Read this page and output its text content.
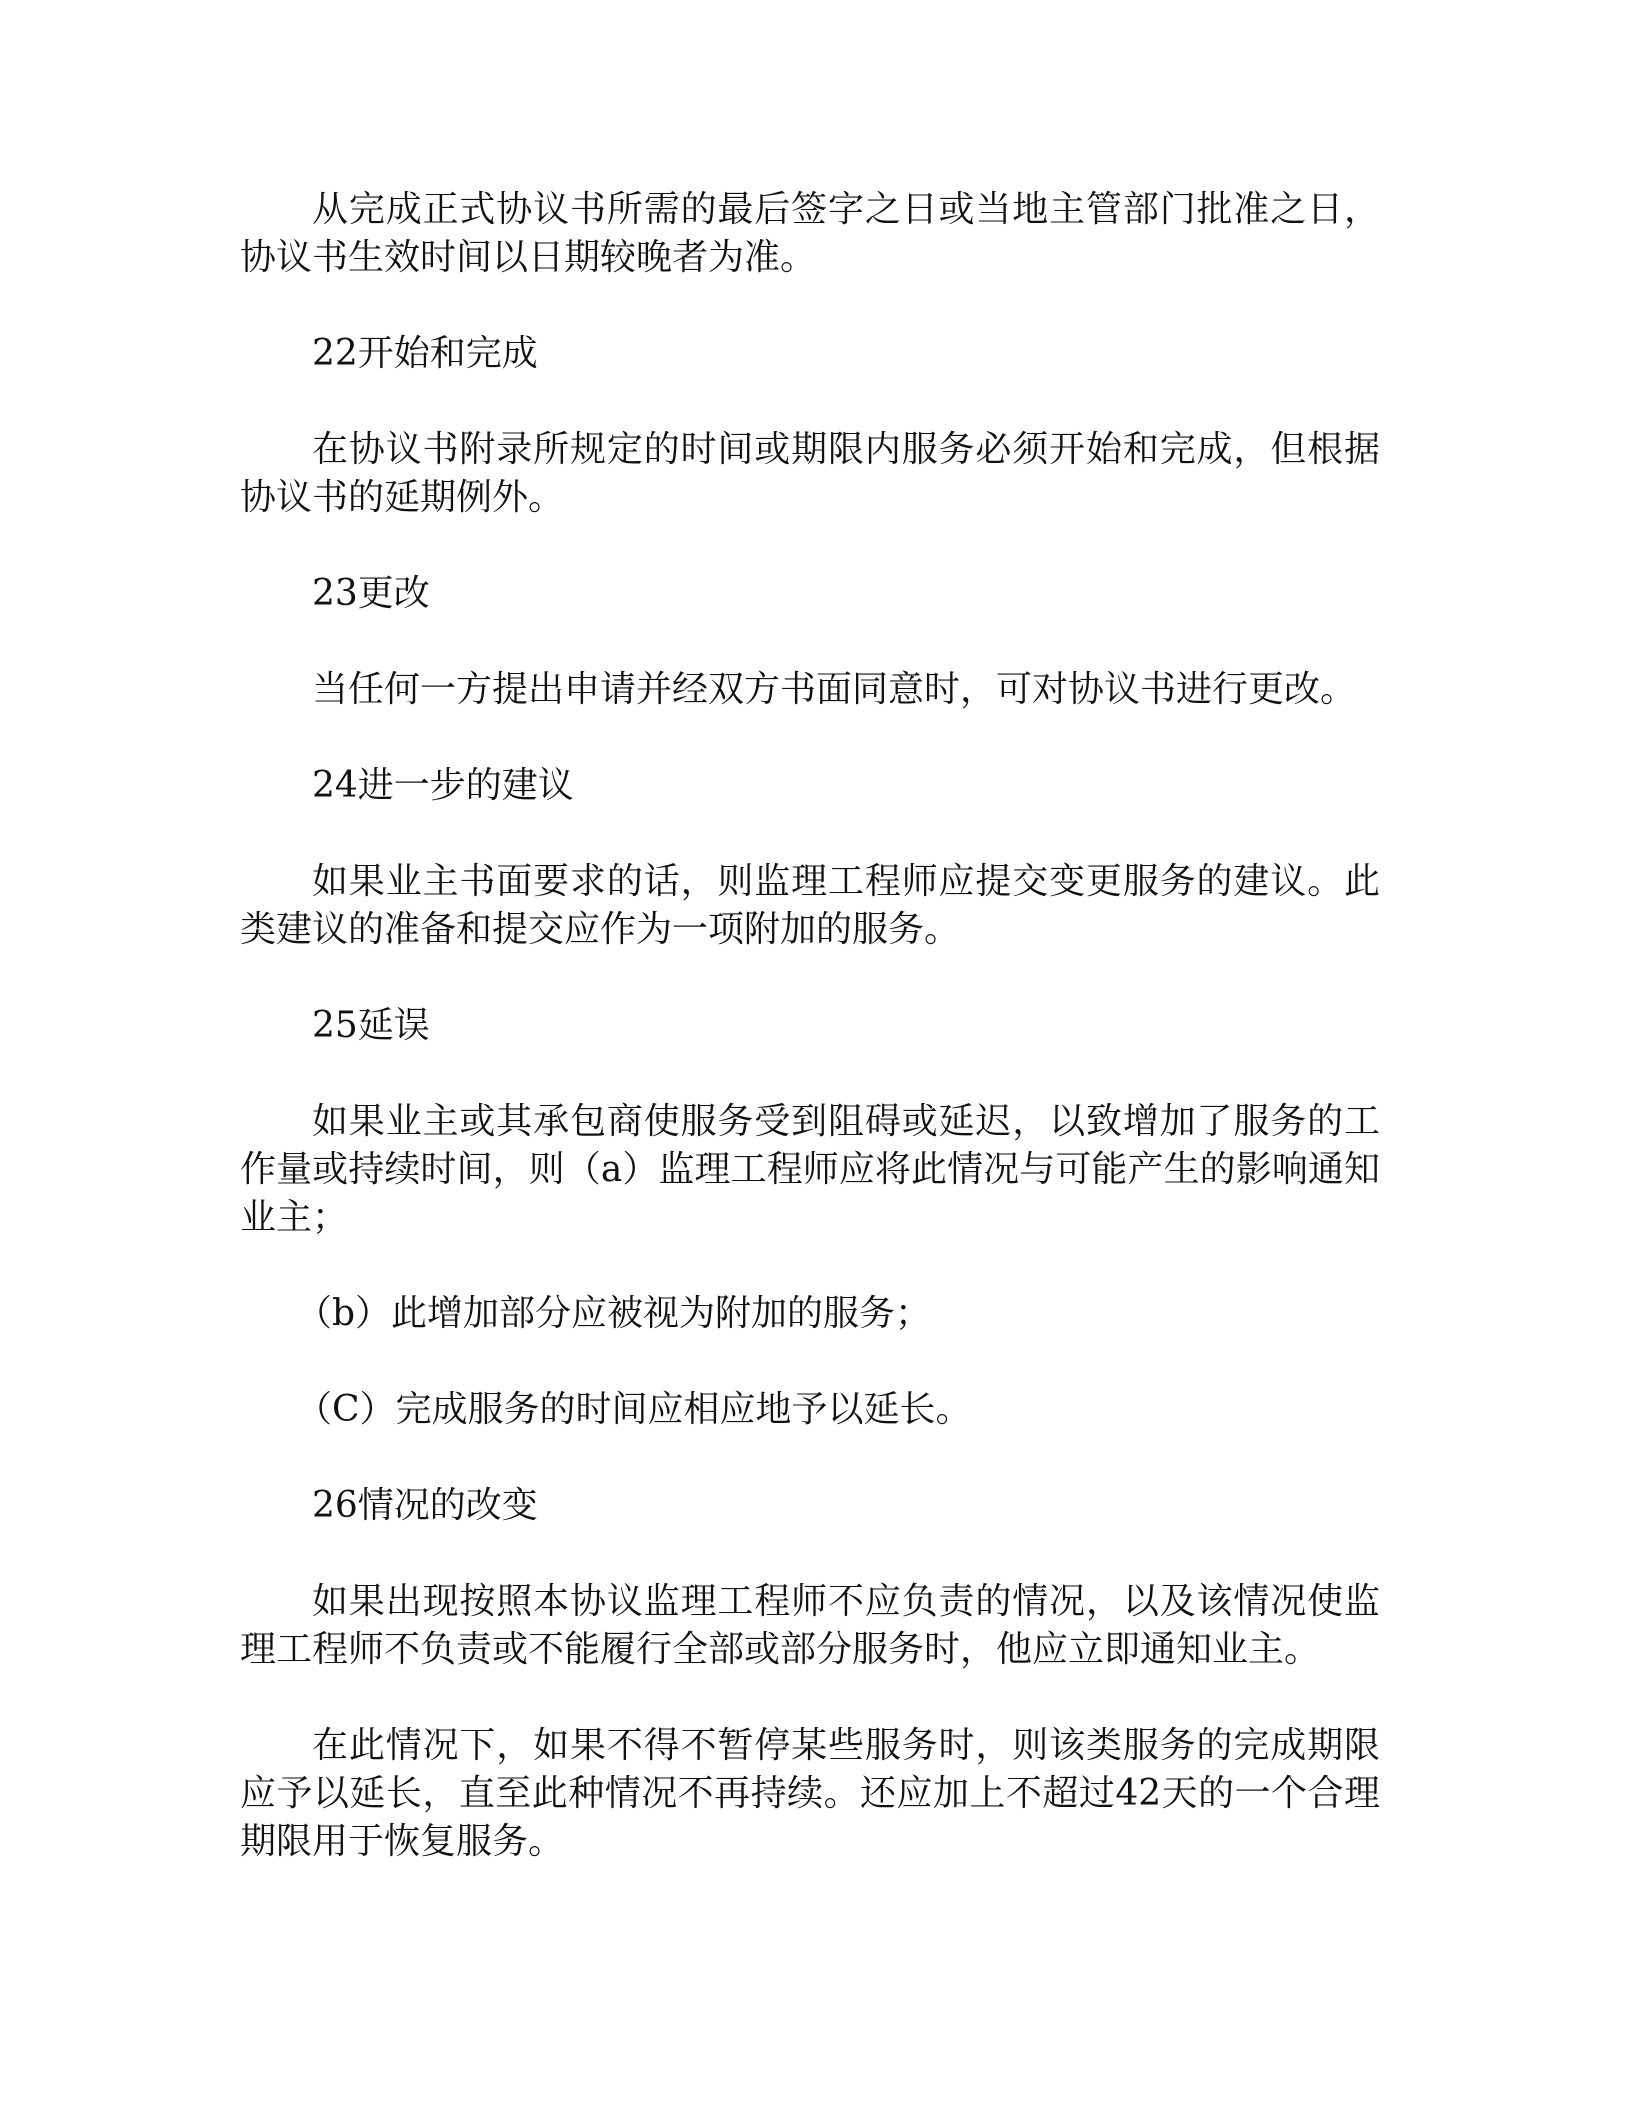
从完成正式协议书所需的最后签字之日或当地主管部门批准之日，协议书生效时间以日期较晚者为准。

22开始和完成

在协议书附录所规定的时间或期限内服务必须开始和完成，但根据协议书的延期例外。

23更改

当任何一方提出申请并经双方书面同意时，可对协议书进行更改。

24进一步的建议

如果业主书面要求的话，则监理工程师应提交变更服务的建议。此类建议的准备和提交应作为一项附加的服务。

25延误

如果业主或其承包商使服务受到阻碍或延迟，以致增加了服务的工作量或持续时间，则（a）监理工程师应将此情况与可能产生的影响通知业主；

（b）此增加部分应被视为附加的服务；

（C）完成服务的时间应相应地予以延长。

26情况的改变

如果出现按照本协议监理工程师不应负责的情况，以及该情况使监理工程师不负责或不能履行全部或部分服务时，他应立即通知业主。

在此情况下，如果不得不暂停某些服务时，则该类服务的完成期限应予以延长，直至此种情况不再持续。还应加上不超过42天的一个合理期限用于恢复服务。
